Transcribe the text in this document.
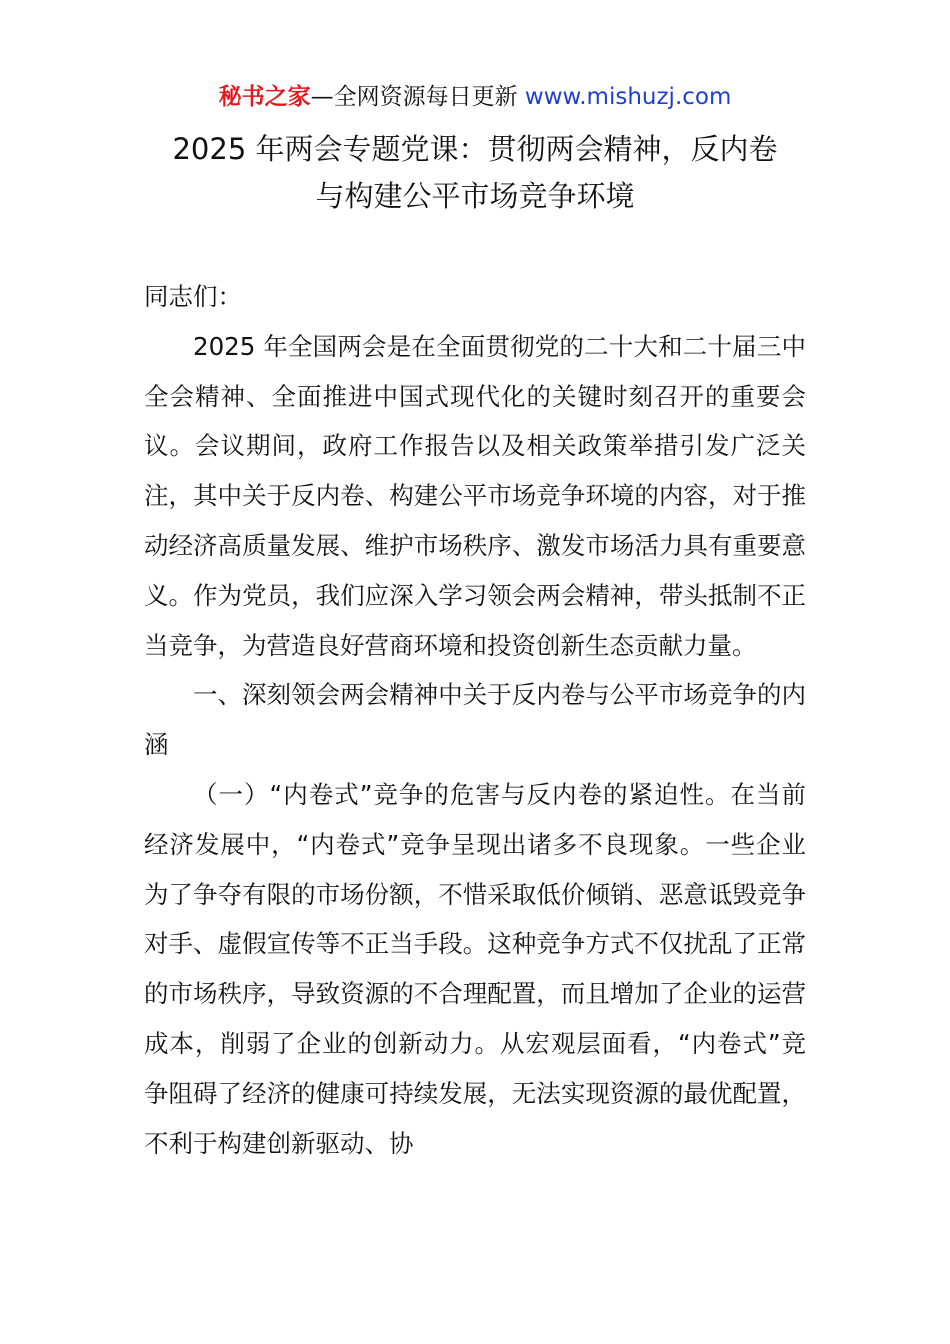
秘书之家—全网资源每日更新 www.mishuzj.com
2025 年两会专题党课：贯彻两会精神，反内卷
与构建公平市场竞争环境

同志们：

2025 年全国两会是在全面贯彻党的二十大和二十届三中全会精神、全面推进中国式现代化的关键时刻召开的重要会议。会议期间，政府工作报告以及相关政策举措引发广泛关注，其中关于反内卷、构建公平市场竞争环境的内容，对于推动经济高质量发展、维护市场秩序、激发市场活力具有重要意义。作为党员，我们应深入学习领会两会精神，带头抵制不正当竞争，为营造良好营商环境和投资创新生态贡献力量。

一、深刻领会两会精神中关于反内卷与公平市场竞争的内涵

（一）“内卷式”竞争的危害与反内卷的紧迫性。在当前经济发展中，“内卷式”竞争呈现出诸多不良现象。一些企业为了争夺有限的市场份额，不惜采取低价倾销、恶意诋毁竞争对手、虚假宣传等不正当手段。这种竞争方式不仅扰乱了正常的市场秩序，导致资源的不合理配置，而且增加了企业的运营成本，削弱了企业的创新动力。从宏观层面看，“内卷式”竞争阻碍了经济的健康可持续发展，无法实现资源的最优配置，不利于构建创新驱动、协
